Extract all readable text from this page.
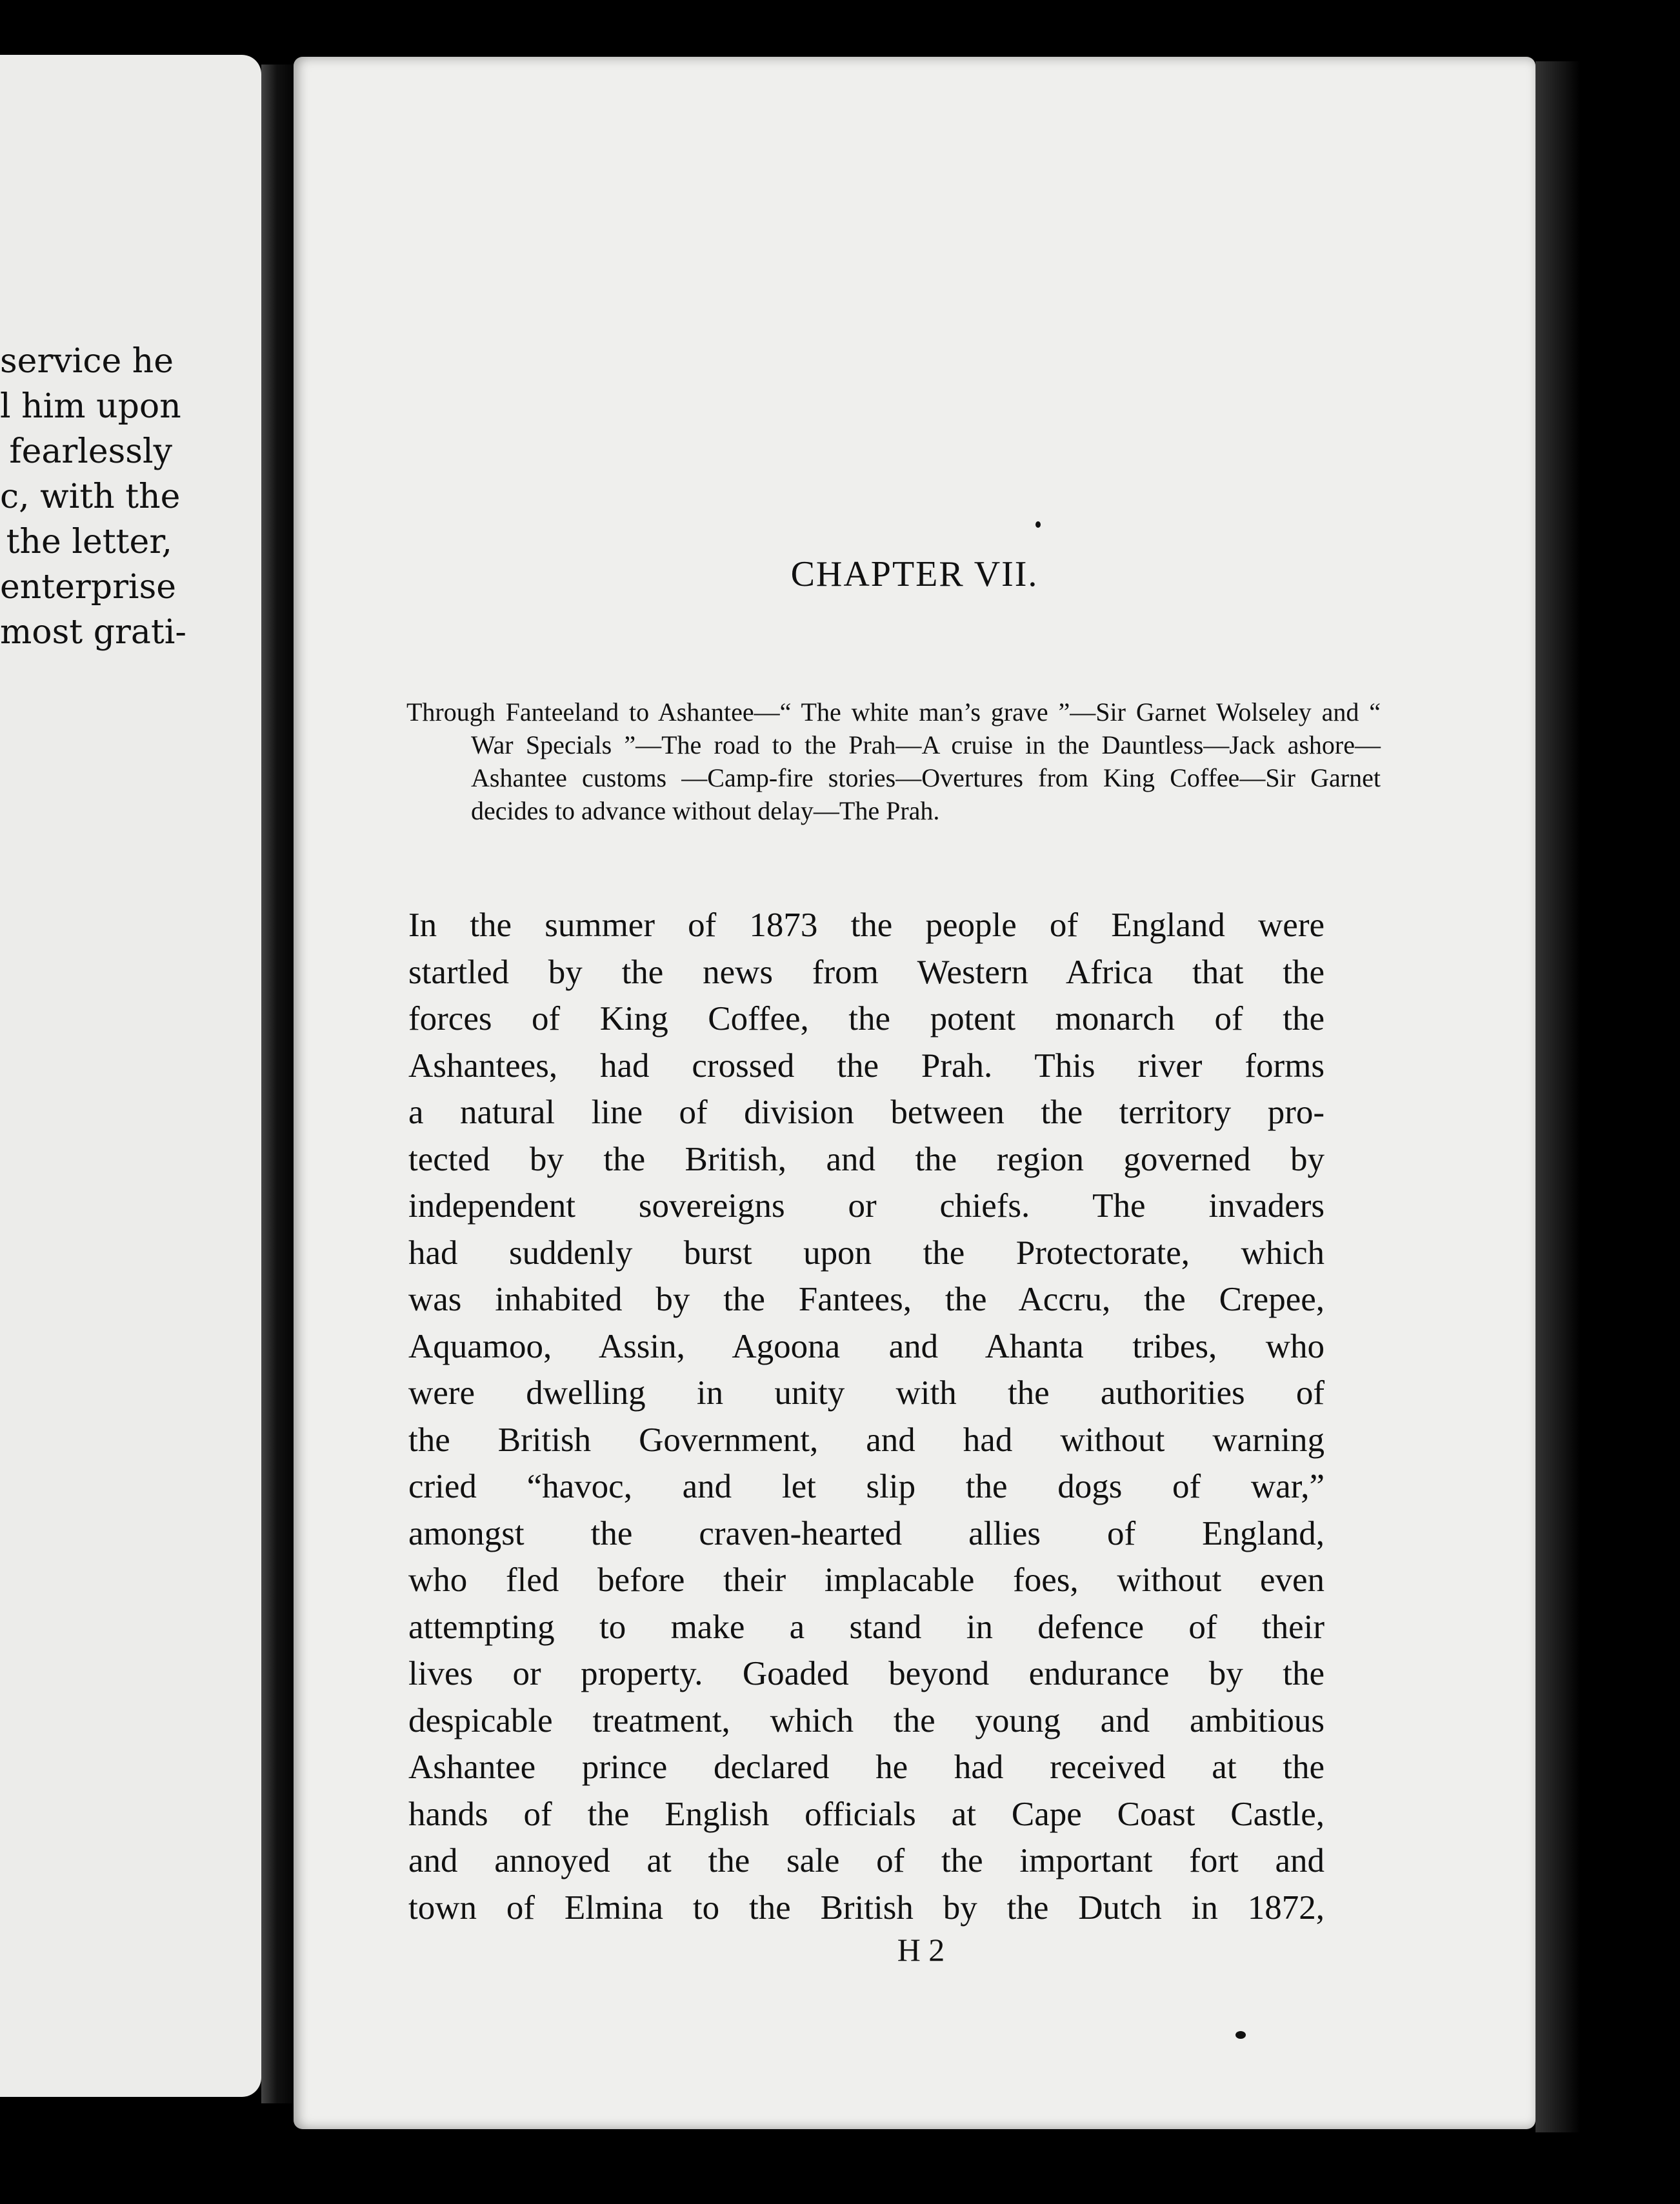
service he
l him upon
fearlessly
c, with the
the letter,
enterprise
most grati-
CHAPTER VII.
Through Fanteeland to Ashantee—“ The white man’s grave ”—Sir Garnet Wolseley and “ War Specials ”—The road to the Prah—A cruise in the Dauntless—Jack ashore—Ashantee customs —Camp-fire stories—Overtures from King Coffee—Sir Garnet decides to advance without delay—The Prah.
In the summer of 1873 the people of England were
startled by the news from Western Africa that the
forces of King Coffee, the potent monarch of the
Ashantees, had crossed the Prah. This river forms
a natural line of division between the territory pro-
tected by the British, and the region governed by
independent sovereigns or chiefs. The invaders
had suddenly burst upon the Protectorate, which
was inhabited by the Fantees, the Accru, the Crepee,
Aquamoo, Assin, Agoona and Ahanta tribes, who
were dwelling in unity with the authorities of
the British Government, and had without warning
cried “havoc, and let slip the dogs of war,”
amongst the craven-hearted allies of England,
who fled before their implacable foes, without even
attempting to make a stand in defence of their
lives or property. Goaded beyond endurance by the
despicable treatment, which the young and ambitious
Ashantee prince declared he had received at the
hands of the English officials at Cape Coast Castle,
and annoyed at the sale of the important fort and
town of Elmina to the British by the Dutch in 1872,
H 2
